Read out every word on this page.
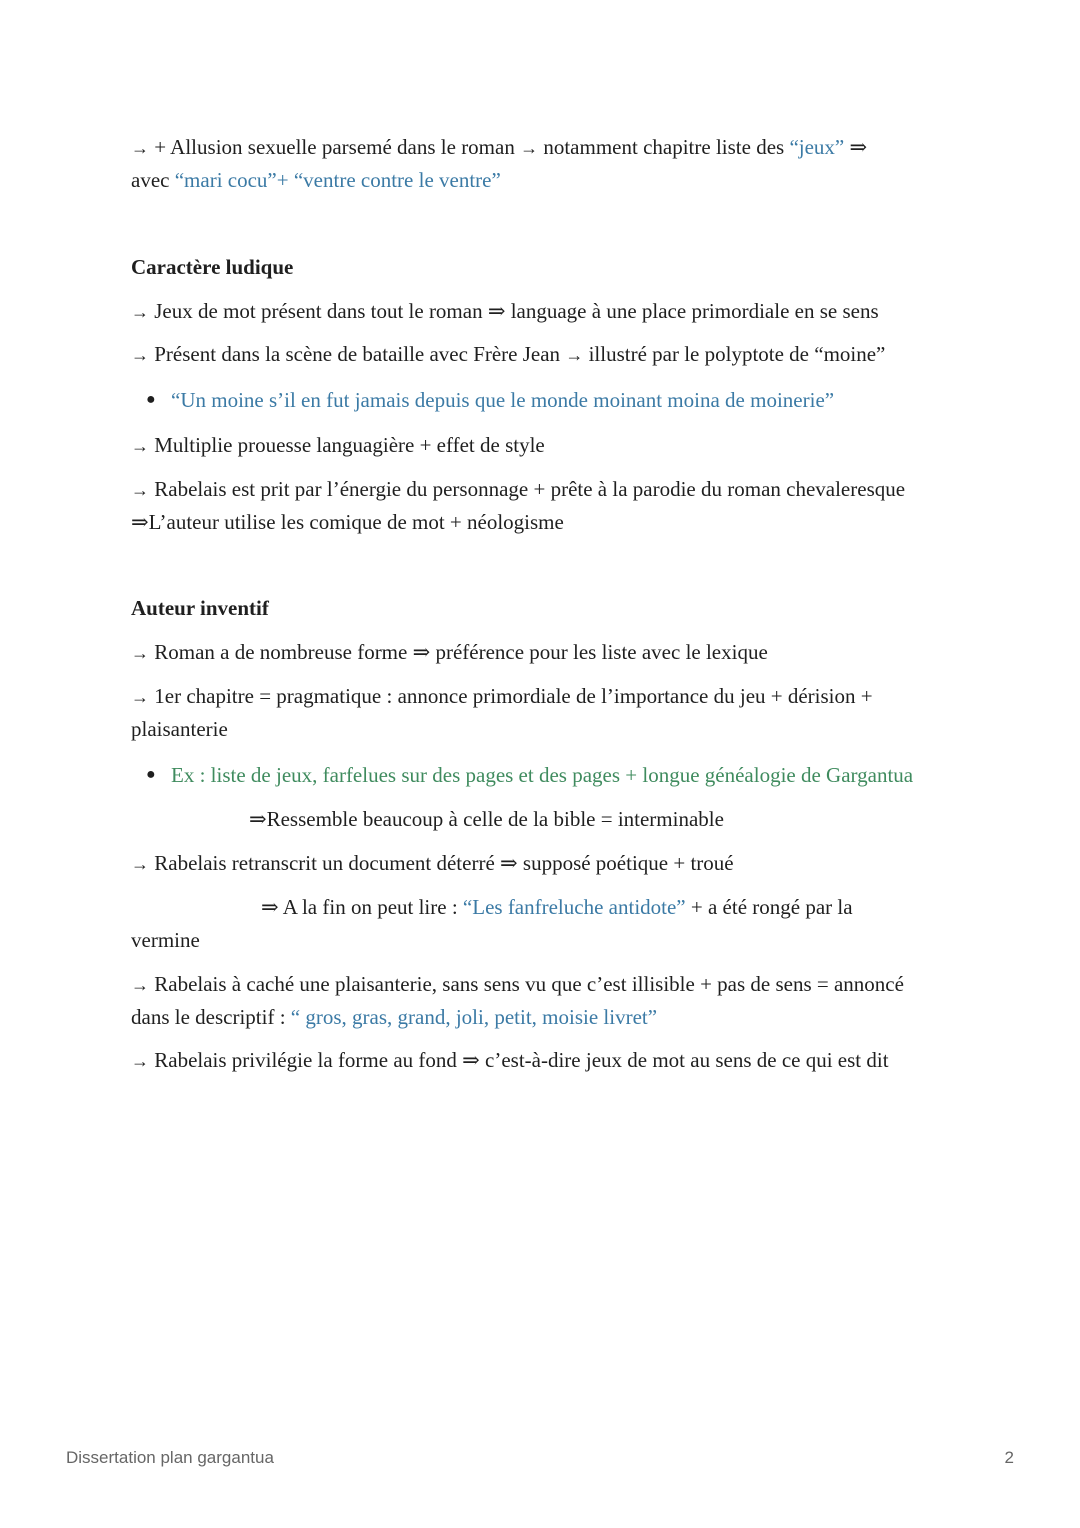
→ + Allusion sexuelle parsemé dans le roman → notamment chapitre liste des “jeux” ⇒
avec “mari cocu”+ “ventre contre le ventre”
Caractère ludique
→ Jeux de mot présent dans tout le roman ⇒ language à une place primordiale en se sens
→ Présent dans la scène de bataille avec Frère Jean → illustré par le polyptote de “moine”
● “Un moine s’il en fut jamais depuis que le monde moinant moina de moinerie”
→ Multiplie prouesse languagière + effet de style
→ Rabelais est prit par l’énergie du personnage + prête à la parodie du roman chevaleresque
⇒L’auteur utilise les comique de mot + néologisme
Auteur inventif
→ Roman a de nombreuse forme ⇒ préférence pour les liste avec le lexique
→ 1er chapitre = pragmatique : annonce primordiale de l’importance du jeu + dérision +
plaisanterie
● Ex : liste de jeux, farfelues sur des pages et des pages + longue généalogie de Gargantua
⇒Ressemble beaucoup à celle de la bible = interminable
→ Rabelais retranscrit un document déterré ⇒ supposé poétique + troué
⇒ A la fin on peut lire : “Les fanfreluche antidote” + a été rongé par la
vermine
→ Rabelais à caché une plaisanterie, sans sens vu que c’est illisible + pas de sens = annoncé
dans le descriptif : “ gros, gras, grand, joli, petit, moisie livret”
→ Rabelais privilégie la forme au fond ⇒ c’est-à-dire jeux de mot au sens de ce qui est dit
Dissertation plan gargantua	2
